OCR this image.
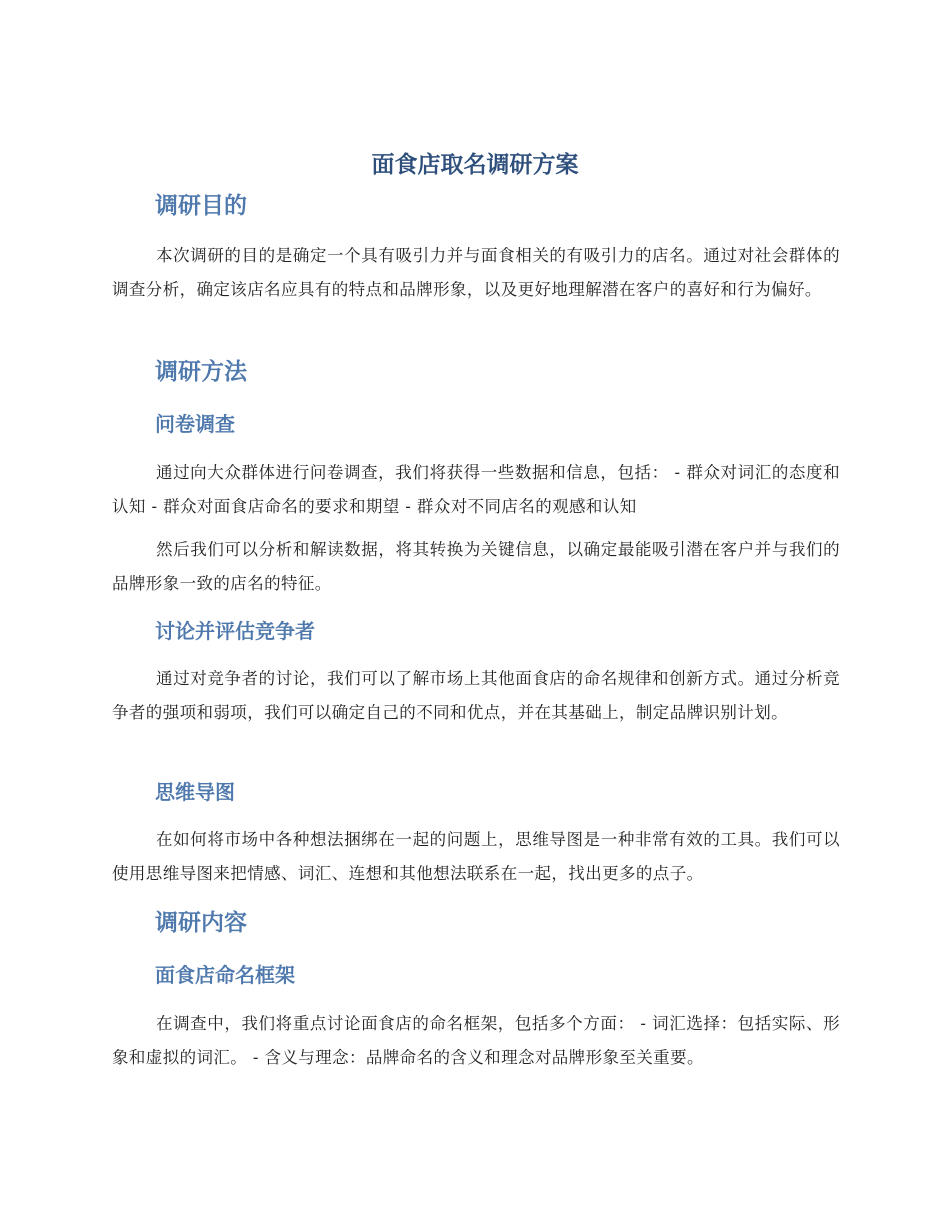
面食店取名调研方案
调研目的

本次调研的目的是确定一个具有吸引力并与面食相关的有吸引力的店名。通过对社会群体的调查分析，确定该店名应具有的特点和品牌形象，以及更好地理解潜在客户的喜好和行为偏好。

调研方法
问卷调查

通过向大众群体进行问卷调查，我们将获得一些数据和信息，包括： - 群众对词汇的态度和认知 - 群众对面食店命名的要求和期望 - 群众对不同店名的观感和认知

然后我们可以分析和解读数据，将其转换为关键信息，以确定最能吸引潜在客户并与我们的品牌形象一致的店名的特征。

讨论并评估竞争者

通过对竞争者的讨论，我们可以了解市场上其他面食店的命名规律和创新方式。通过分析竞争者的强项和弱项，我们可以确定自己的不同和优点，并在其基础上，制定品牌识别计划。

思维导图

在如何将市场中各种想法捆绑在一起的问题上，思维导图是一种非常有效的工具。我们可以使用思维导图来把情感、词汇、连想和其他想法联系在一起，找出更多的点子。

调研内容
面食店命名框架

在调查中，我们将重点讨论面食店的命名框架，包括多个方面： - 词汇选择：包括实际、形象和虚拟的词汇。 - 含义与理念：品牌命名的含义和理念对品牌形象至关重要。
